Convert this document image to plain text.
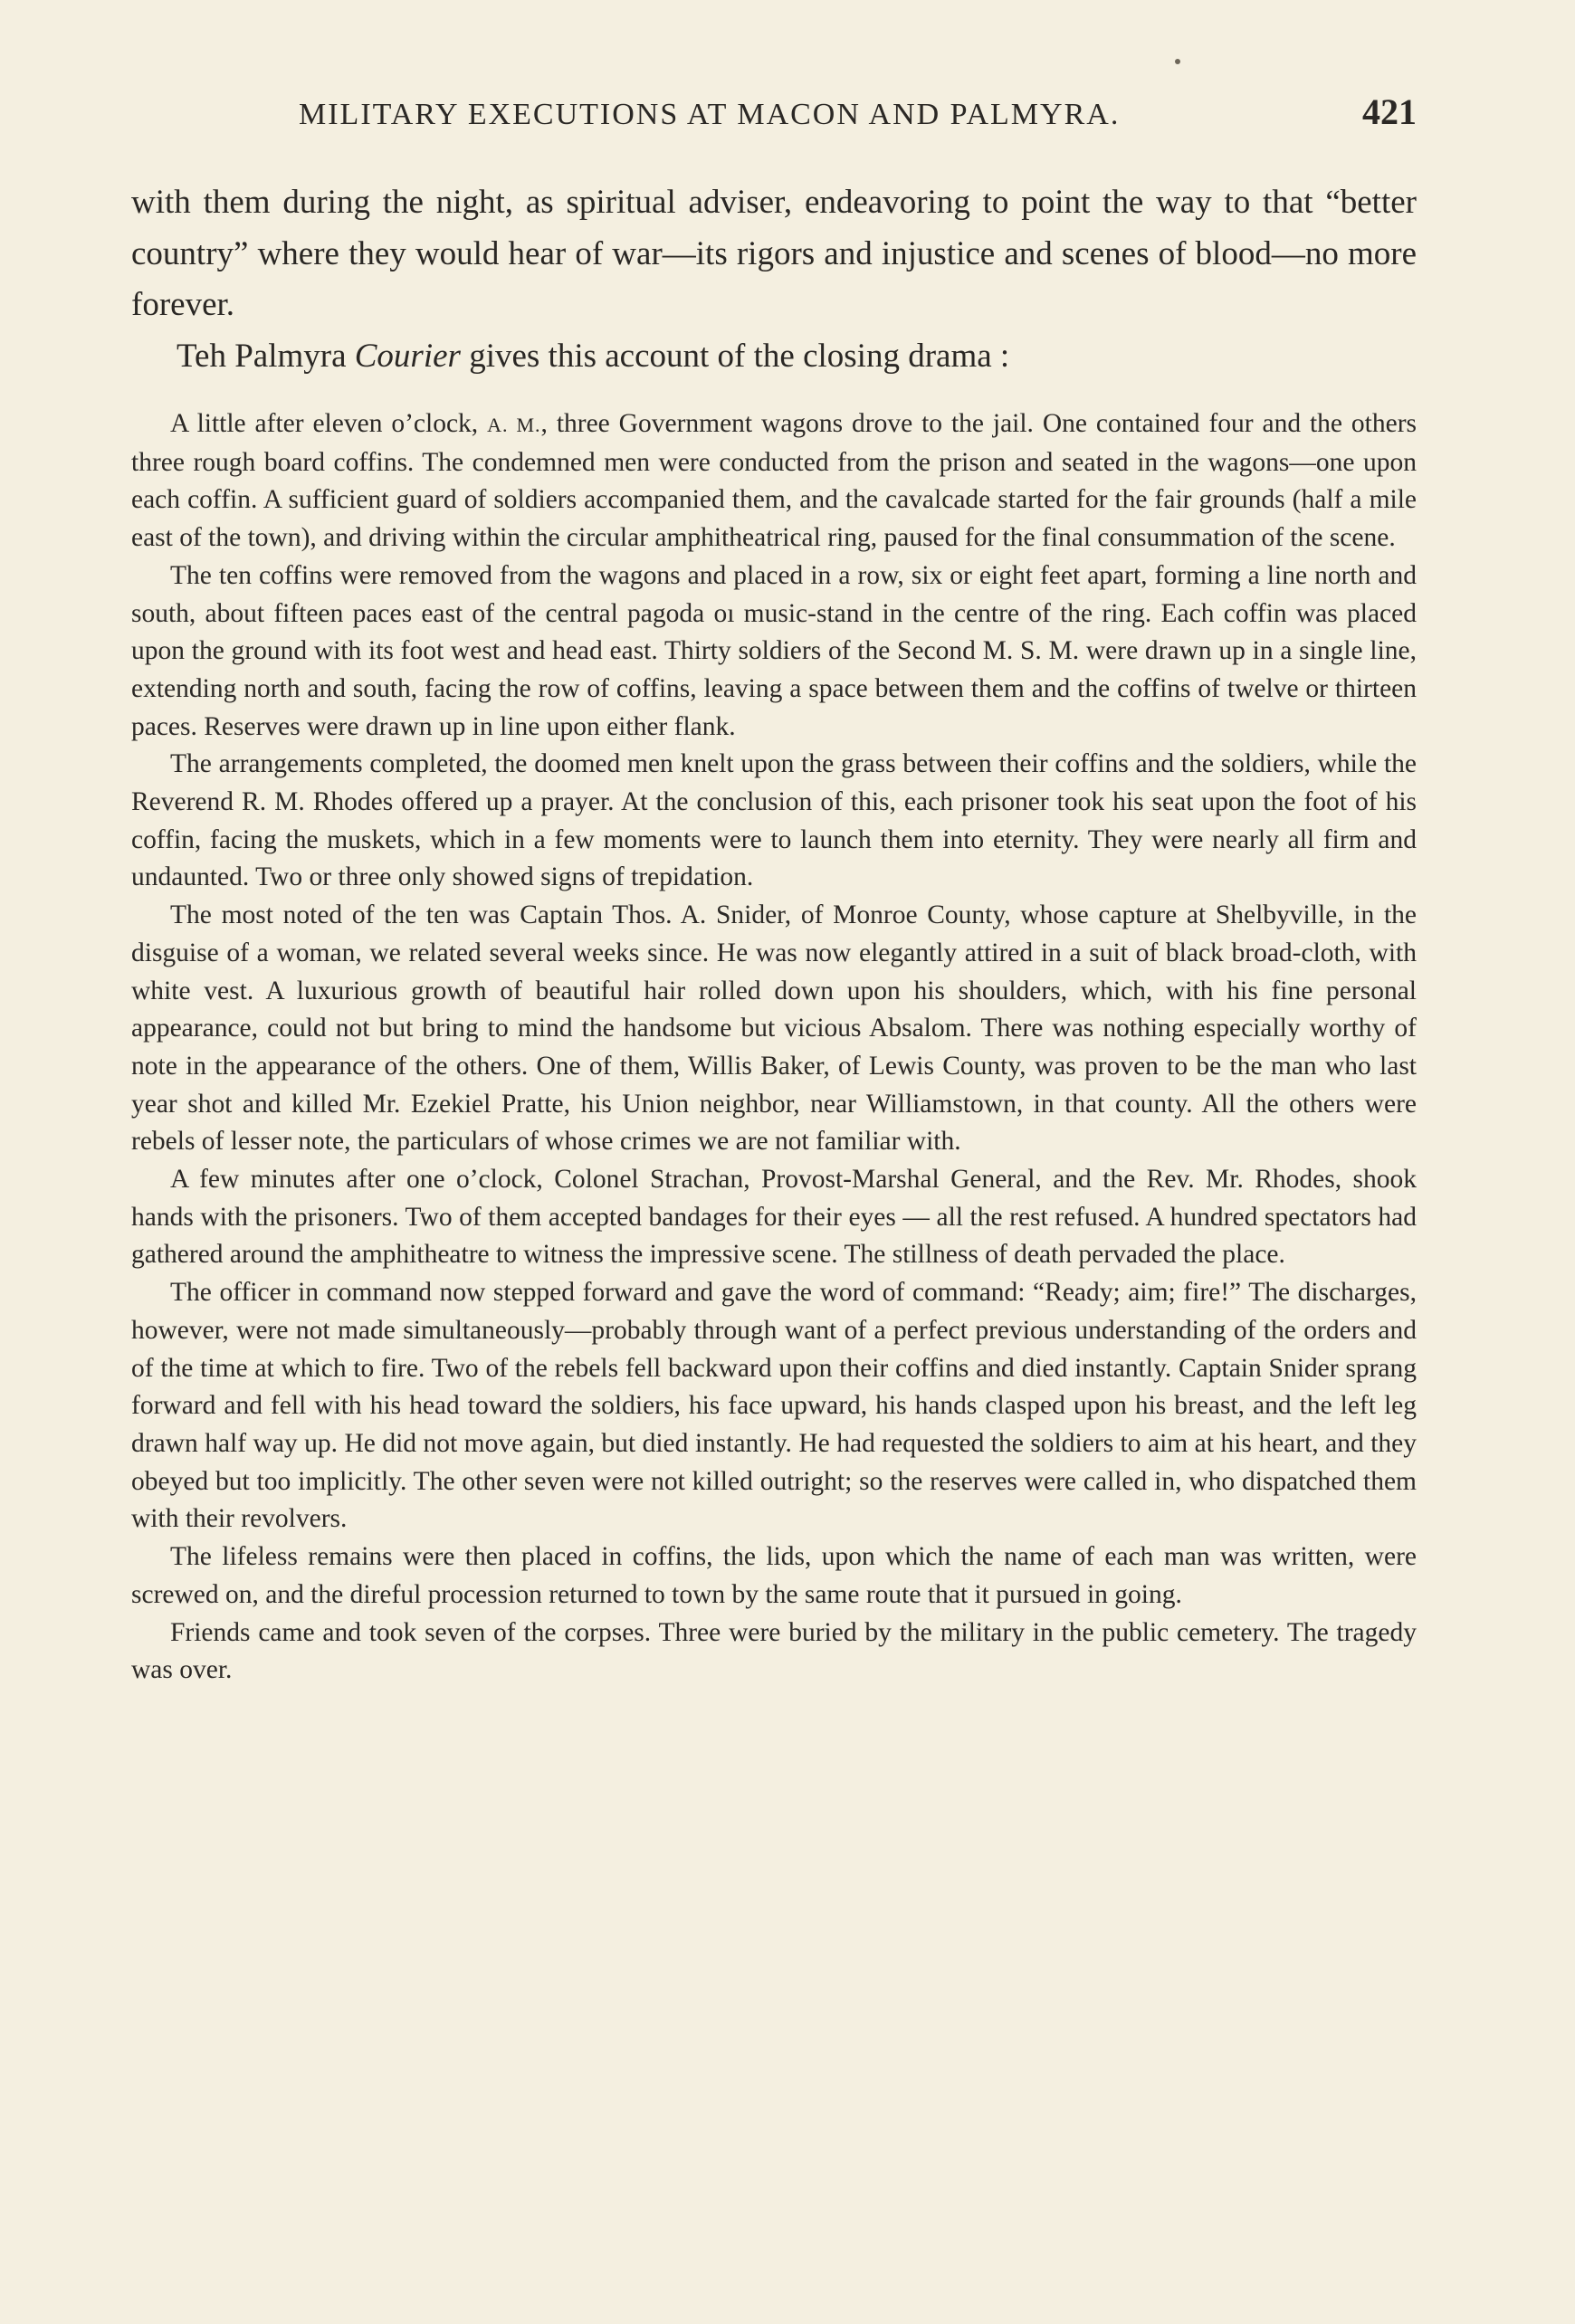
MILITARY EXECUTIONS AT MACON AND PALMYRA.	421

with them during the night, as spiritual adviser, endeavoring to point the way to that “better country” where they would hear of war—its rigors and injustice and scenes of blood—no more forever.

Teh Palmyra Courier gives this account of the closing drama :

A little after eleven o’clock, A. M., three Government wagons drove to the jail. One contained four and the others three rough board coffins. The condemned men were conducted from the prison and seated in the wagons—one upon each coffin. A sufficient guard of soldiers accompanied them, and the cavalcade started for the fair grounds (half a mile east of the town), and driving within the circular amphitheatrical ring, paused for the final consummation of the scene.

The ten coffins were removed from the wagons and placed in a row, six or eight feet apart, forming a line north and south, about fifteen paces east of the central pagoda oı music-stand in the centre of the ring. Each coffin was placed upon the ground with its foot west and head east. Thirty soldiers of the Second M. S. M. were drawn up in a single line, extending north and south, facing the row of coffins, leaving a space between them and the coffins of twelve or thirteen paces. Reserves were drawn up in line upon either flank.

The arrangements completed, the doomed men knelt upon the grass between their coffins and the soldiers, while the Reverend R. M. Rhodes offered up a prayer. At the conclusion of this, each prisoner took his seat upon the foot of his coffin, facing the muskets, which in a few moments were to launch them into eternity. They were nearly all firm and undaunted. Two or three only showed signs of trepidation.

The most noted of the ten was Captain Thos. A. Snider, of Monroe County, whose capture at Shelbyville, in the disguise of a woman, we related several weeks since. He was now elegantly attired in a suit of black broad-cloth, with white vest. A luxurious growth of beautiful hair rolled down upon his shoulders, which, with his fine personal appearance, could not but bring to mind the handsome but vicious Absalom. There was nothing especially worthy of note in the appearance of the others. One of them, Willis Baker, of Lewis County, was proven to be the man who last year shot and killed Mr. Ezekiel Pratte, his Union neighbor, near Williamstown, in that county. All the others were rebels of lesser note, the particulars of whose crimes we are not familiar with.

A few minutes after one o’clock, Colonel Strachan, Provost-Marshal General, and the Rev. Mr. Rhodes, shook hands with the prisoners. Two of them accepted bandages for their eyes — all the rest refused. A hundred spectators had gathered around the amphitheatre to witness the impressive scene. The stillness of death pervaded the place.

The officer in command now stepped forward and gave the word of command: “Ready; aim; fire!” The discharges, however, were not made simultaneously—probably through want of a perfect previous understanding of the orders and of the time at which to fire. Two of the rebels fell backward upon their coffins and died instantly. Captain Snider sprang forward and fell with his head toward the soldiers, his face upward, his hands clasped upon his breast, and the left leg drawn half way up. He did not move again, but died instantly. He had requested the soldiers to aim at his heart, and they obeyed but too implicitly. The other seven were not killed outright; so the reserves were called in, who dispatched them with their revolvers.

The lifeless remains were then placed in coffins, the lids, upon which the name of each man was written, were screwed on, and the direful procession returned to town by the same route that it pursued in going.

Friends came and took seven of the corpses. Three were buried by the military in the public cemetery. The tragedy was over.
